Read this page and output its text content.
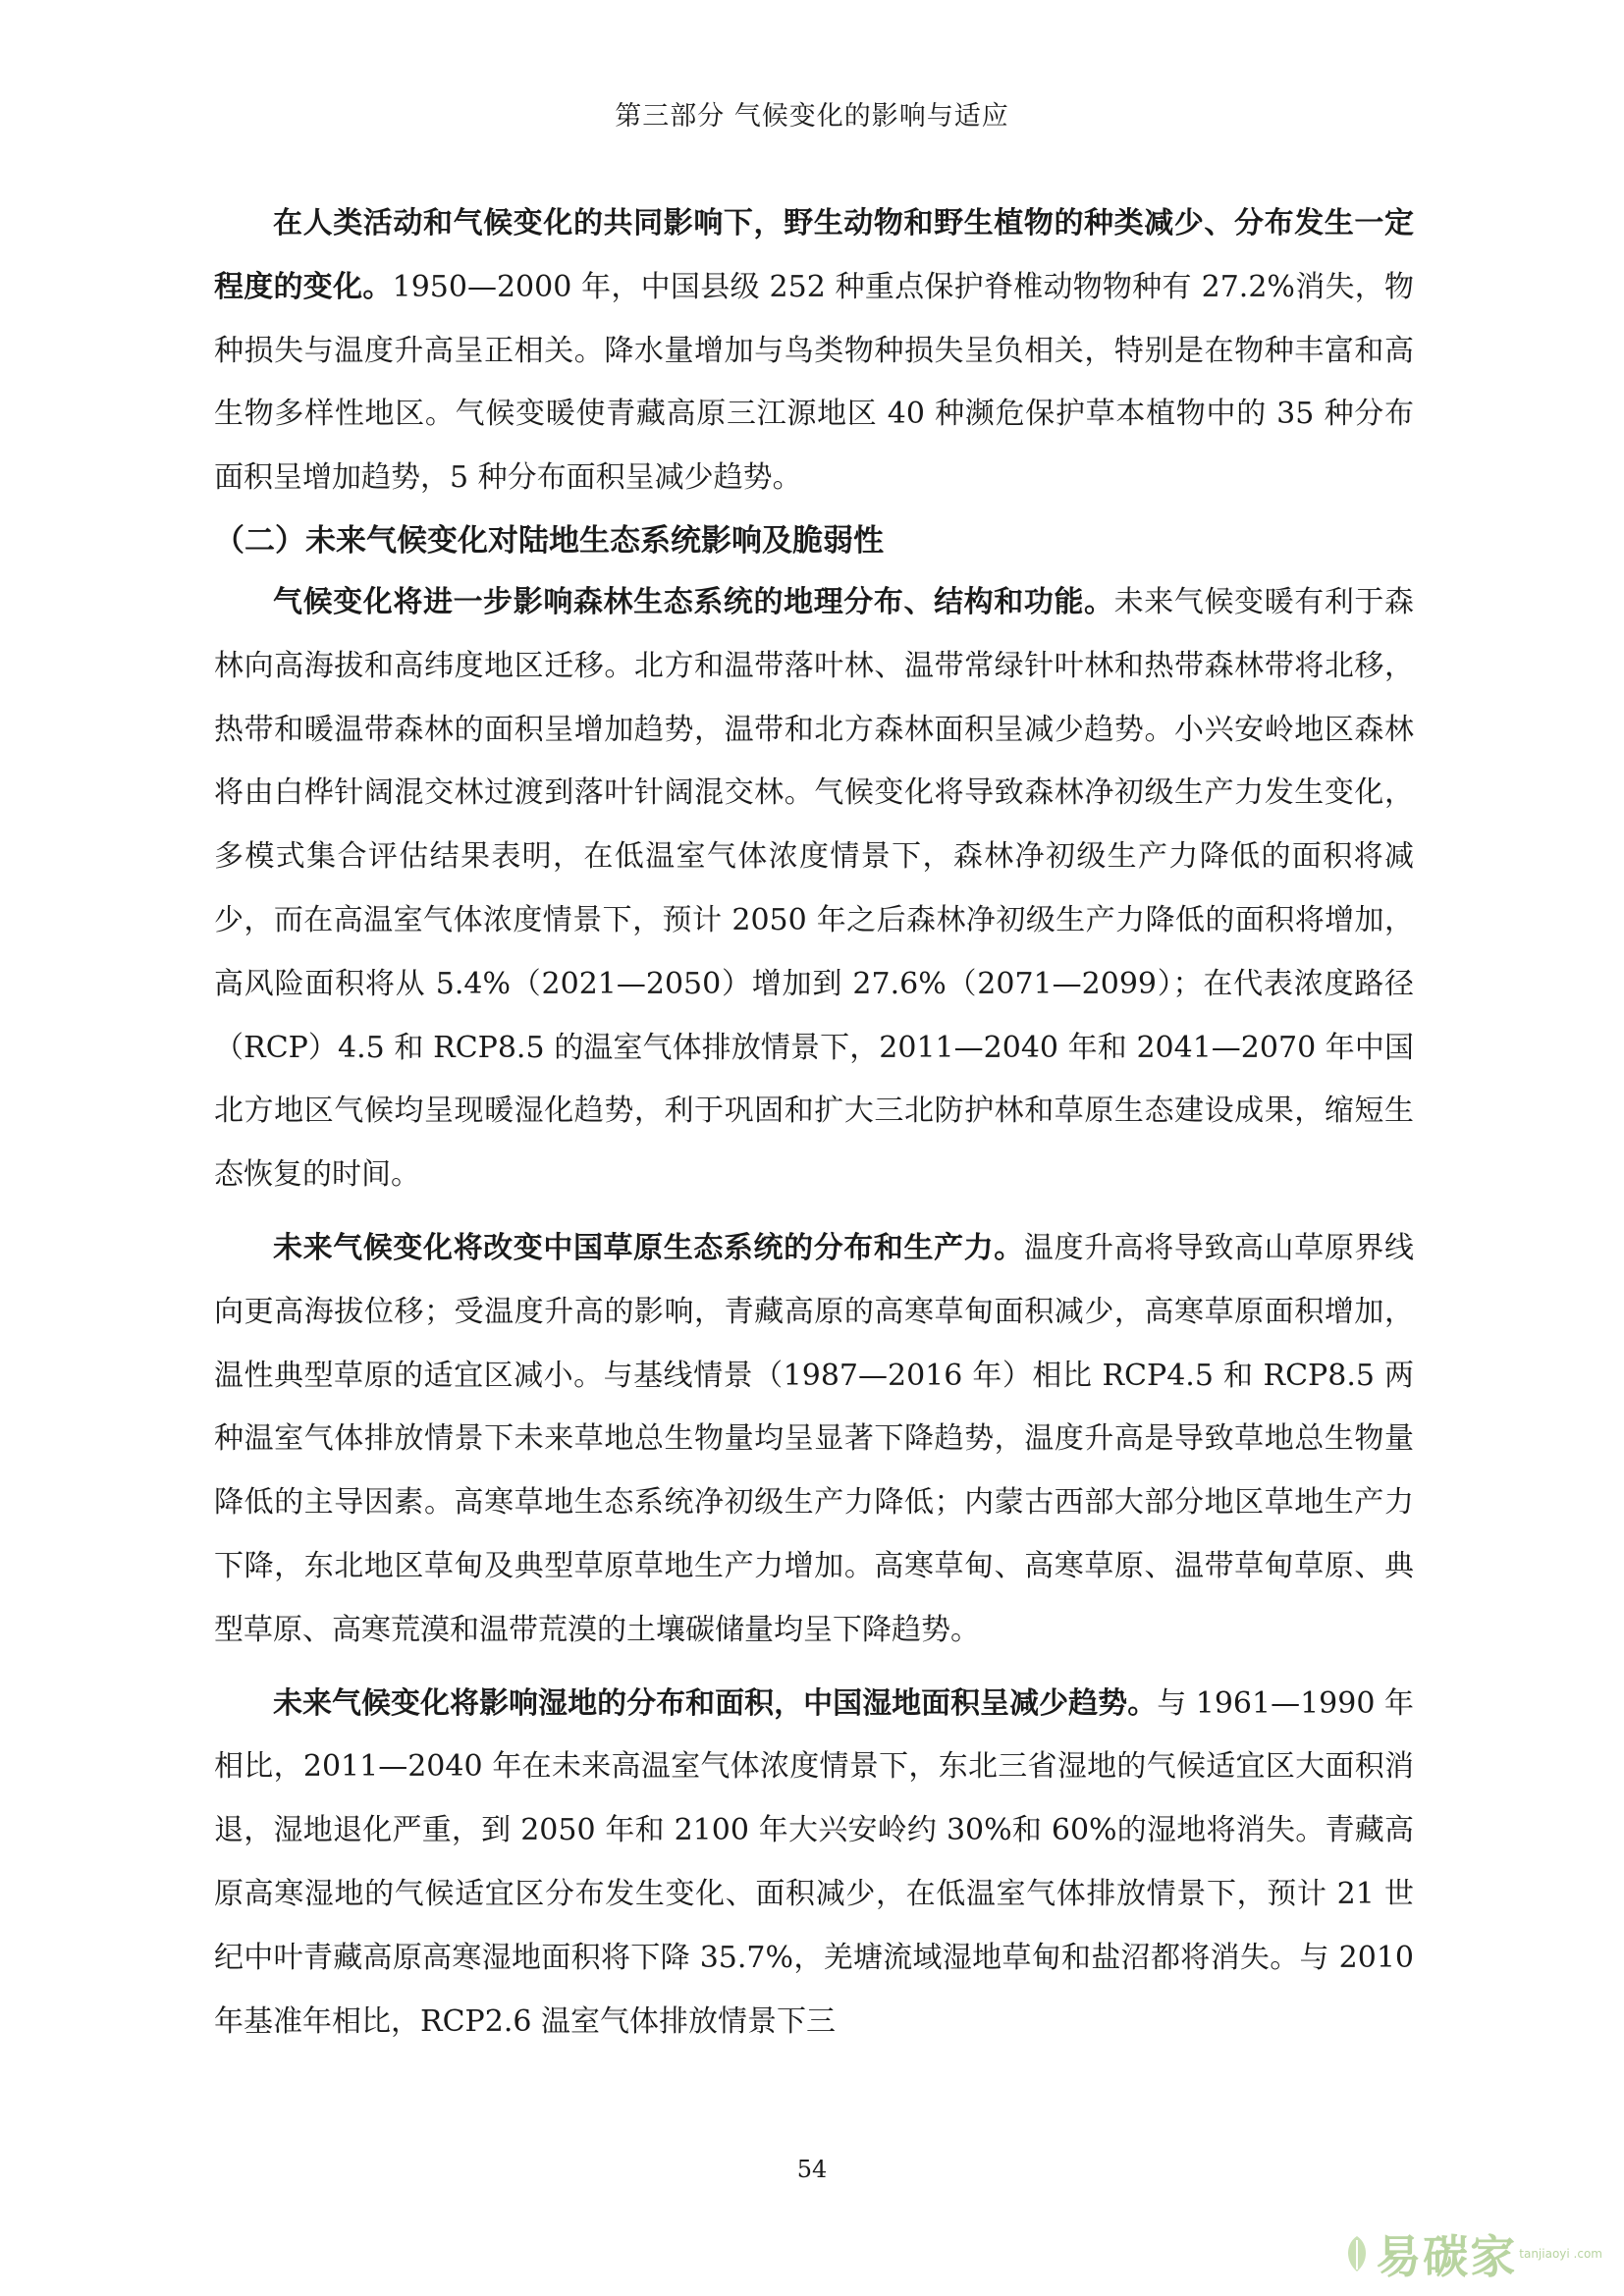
第三部分 气候变化的影响与适应

在人类活动和气候变化的共同影响下，野生动物和野生植物的种类减少、分布发生一定程度的变化。1950—2000 年，中国县级 252 种重点保护脊椎动物物种有 27.2%消失，物种损失与温度升高呈正相关。降水量增加与鸟类物种损失呈负相关，特别是在物种丰富和高生物多样性地区。气候变暖使青藏高原三江源地区 40 种濒危保护草本植物中的 35 种分布面积呈增加趋势，5 种分布面积呈减少趋势。

（二）未来气候变化对陆地生态系统影响及脆弱性

气候变化将进一步影响森林生态系统的地理分布、结构和功能。未来气候变暖有利于森林向高海拔和高纬度地区迁移。北方和温带落叶林、温带常绿针叶林和热带森林带将北移，热带和暖温带森林的面积呈增加趋势，温带和北方森林面积呈减少趋势。小兴安岭地区森林将由白桦针阔混交林过渡到落叶针阔混交林。气候变化将导致森林净初级生产力发生变化，多模式集合评估结果表明，在低温室气体浓度情景下，森林净初级生产力降低的面积将减少，而在高温室气体浓度情景下，预计 2050 年之后森林净初级生产力降低的面积将增加，高风险面积将从 5.4%（2021—2050）增加到 27.6%（2071—2099）；在代表浓度路径（RCP）4.5 和 RCP8.5 的温室气体排放情景下，2011—2040 年和 2041—2070 年中国北方地区气候均呈现暖湿化趋势，利于巩固和扩大三北防护林和草原生态建设成果，缩短生态恢复的时间。

未来气候变化将改变中国草原生态系统的分布和生产力。温度升高将导致高山草原界线向更高海拔位移；受温度升高的影响，青藏高原的高寒草甸面积减少，高寒草原面积增加，温性典型草原的适宜区减小。与基线情景（1987—2016 年）相比 RCP4.5 和 RCP8.5 两种温室气体排放情景下未来草地总生物量均呈显著下降趋势，温度升高是导致草地总生物量降低的主导因素。高寒草地生态系统净初级生产力降低；内蒙古西部大部分地区草地生产力下降，东北地区草甸及典型草原草地生产力增加。高寒草甸、高寒草原、温带草甸草原、典型草原、高寒荒漠和温带荒漠的土壤碳储量均呈下降趋势。

未来气候变化将影响湿地的分布和面积，中国湿地面积呈减少趋势。与 1961—1990 年相比，2011—2040 年在未来高温室气体浓度情景下，东北三省湿地的气候适宜区大面积消退，湿地退化严重，到 2050 年和 2100 年大兴安岭约 30%和 60%的湿地将消失。青藏高原高寒湿地的气候适宜区分布发生变化、面积减少，在低温室气体排放情景下，预计 21 世纪中叶青藏高原高寒湿地面积将下降 35.7%，羌塘流域湿地草甸和盐沼都将消失。与 2010 年基准年相比，RCP2.6 温室气体排放情景下三

54
易碳家 tanjiaoyi .com
